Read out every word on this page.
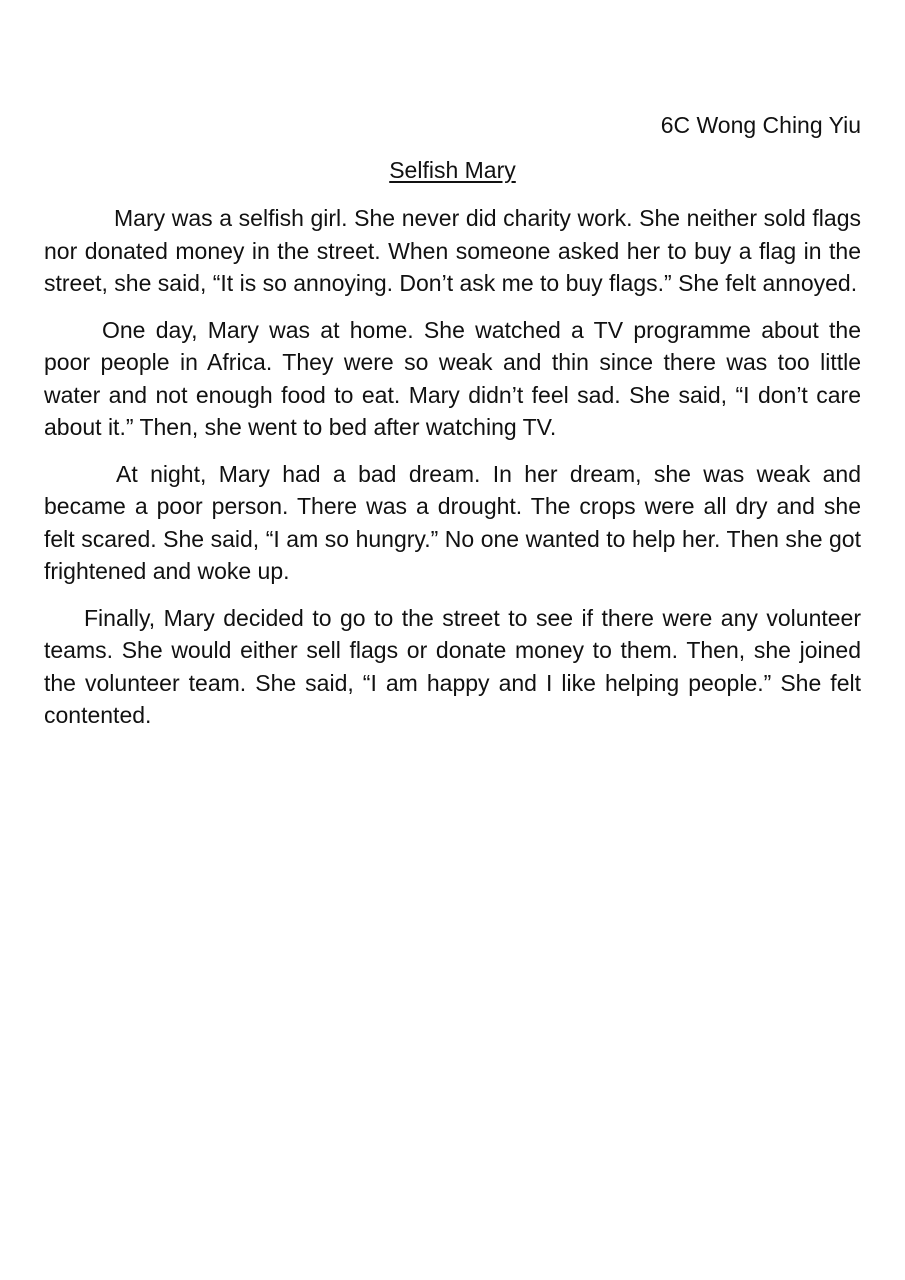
6C Wong Ching Yiu

Selfish Mary

Mary was a selfish girl. She never did charity work. She neither sold flags nor donated money in the street. When someone asked her to buy a flag in the street, she said, “It is so annoying. Don’t ask me to buy flags.” She felt annoyed.

One day, Mary was at home. She watched a TV programme about the poor people in Africa. They were so weak and thin since there was too little water and not enough food to eat. Mary didn’t feel sad. She said, “I don’t care about it.” Then, she went to bed after watching TV.

At night, Mary had a bad dream. In her dream, she was weak and became a poor person. There was a drought. The crops were all dry and she felt scared. She said, “I am so hungry.” No one wanted to help her. Then she got frightened and woke up.

Finally, Mary decided to go to the street to see if there were any volunteer teams. She would either sell flags or donate money to them. Then, she joined the volunteer team. She said, “I am happy and I like helping people.” She felt contented.
